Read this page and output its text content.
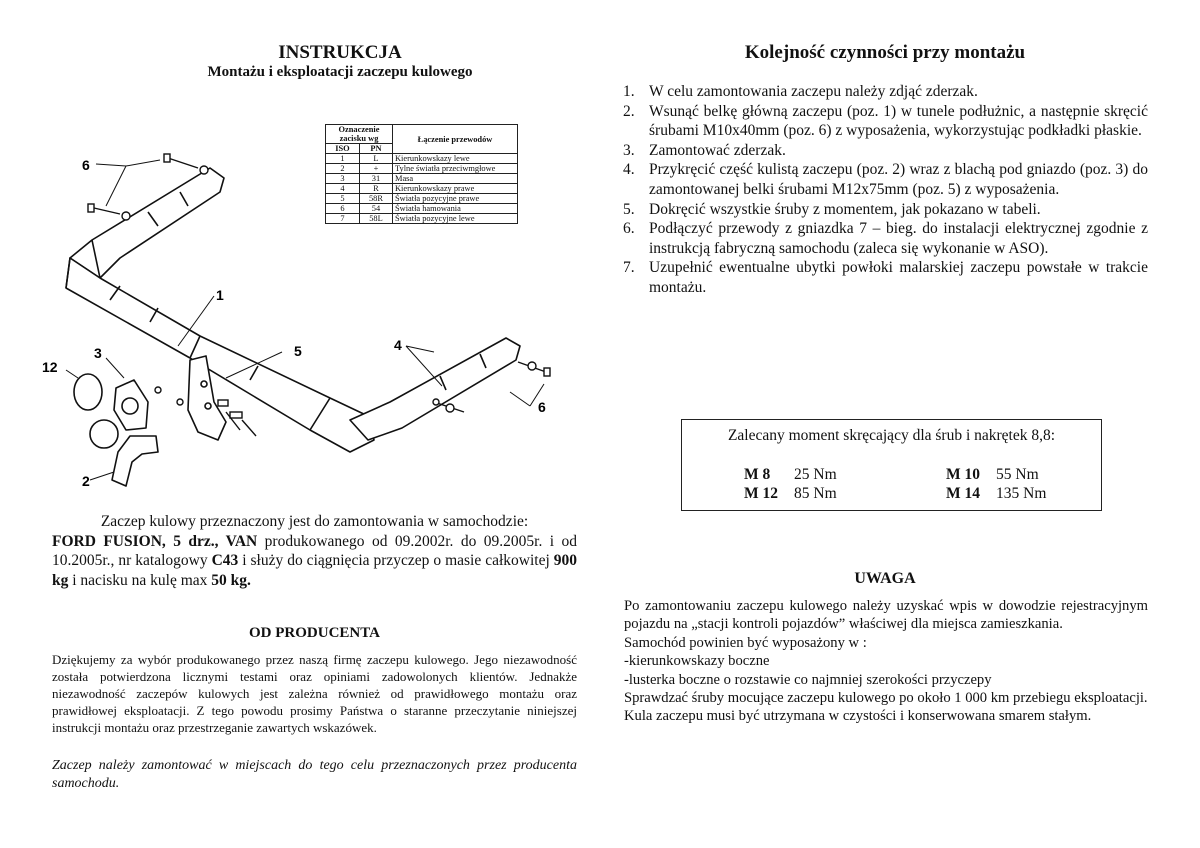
INSTRUKCJA
Montażu i eksploatacji zaczepu kulowego
Oznaczenie zacisku wg		Łączenie przewodów
ISO	PN	
1	L	Kierunkowskazy lewe
2	+	Tylne światła przeciwmgłowe
3	31	Masa
4	R	Kierunkowskazy prawe
5	58R	Światła pozycyjne prawe
6	54	Światła hamowania
7	58L	Światła pozycyjne lewe
6
1
3	5
12
2
4
6
Zaczep kulowy przeznaczony jest do zamontowania w samochodzie:
FORD FUSION, 5 drz., VAN produkowanego od 09.2002r. do 09.2005r. i od 10.2005r., nr katalogowy C43 i służy do ciągnięcia przyczep o masie całkowitej 900 kg i nacisku na kulę max 50 kg.
OD PRODUCENTA
Dziękujemy za wybór produkowanego przez naszą firmę zaczepu kulowego. Jego niezawodność została potwierdzona licznymi testami oraz opiniami zadowolonych klientów. Jednakże niezawodność zaczepów kulowych jest zależna również od prawidłowego montażu oraz prawidłowej eksploatacji. Z tego powodu prosimy Państwa o staranne przeczytanie niniejszej instrukcji montażu oraz przestrzeganie zawartych wskazówek.
Zaczep należy zamontować w miejscach do tego celu przeznaczonych przez producenta samochodu.
Kolejność czynności przy montażu
1. W celu zamontowania zaczepu należy zdjąć zderzak.
2. Wsunąć belkę główną zaczepu (poz. 1) w tunele podłużnic, a następnie skręcić śrubami M10x40mm (poz. 6) z wyposażenia, wykorzystując podkładki płaskie.
3. Zamontować zderzak.
4. Przykręcić część kulistą zaczepu (poz. 2) wraz z blachą pod gniazdo (poz. 3) do zamontowanej belki śrubami M12x75mm (poz. 5) z wyposażenia.
5. Dokręcić wszystkie śruby z momentem, jak pokazano w tabeli.
6. Podłączyć przewody z gniazdka 7 – bieg. do instalacji elektrycznej zgodnie z instrukcją fabryczną samochodu (zaleca się wykonanie w ASO).
7. Uzupełnić ewentualne ubytki powłoki malarskiej zaczepu powstałe w trakcie montażu.
Zalecany moment skręcający dla śrub i nakrętek 8,8:
M 8 25 Nm	M 10 55 Nm
M 12 85 Nm	M 14 135 Nm
UWAGA

Po zamontowaniu zaczepu kulowego należy uzyskać wpis w dowodzie rejestracyjnym pojazdu na „stacji kontroli pojazdów” właściwej dla miejsca zamieszkania.

Samochód powinien być wyposażony w :

-kierunkowskazy boczne

-lusterka boczne o rozstawie co najmniej szerokości przyczepy

Sprawdzać śruby mocujące zaczepu kulowego po około 1 000 km przebiegu eksploatacji.

Kula zaczepu musi być utrzymana w czystości i konserwowana smarem stałym.
